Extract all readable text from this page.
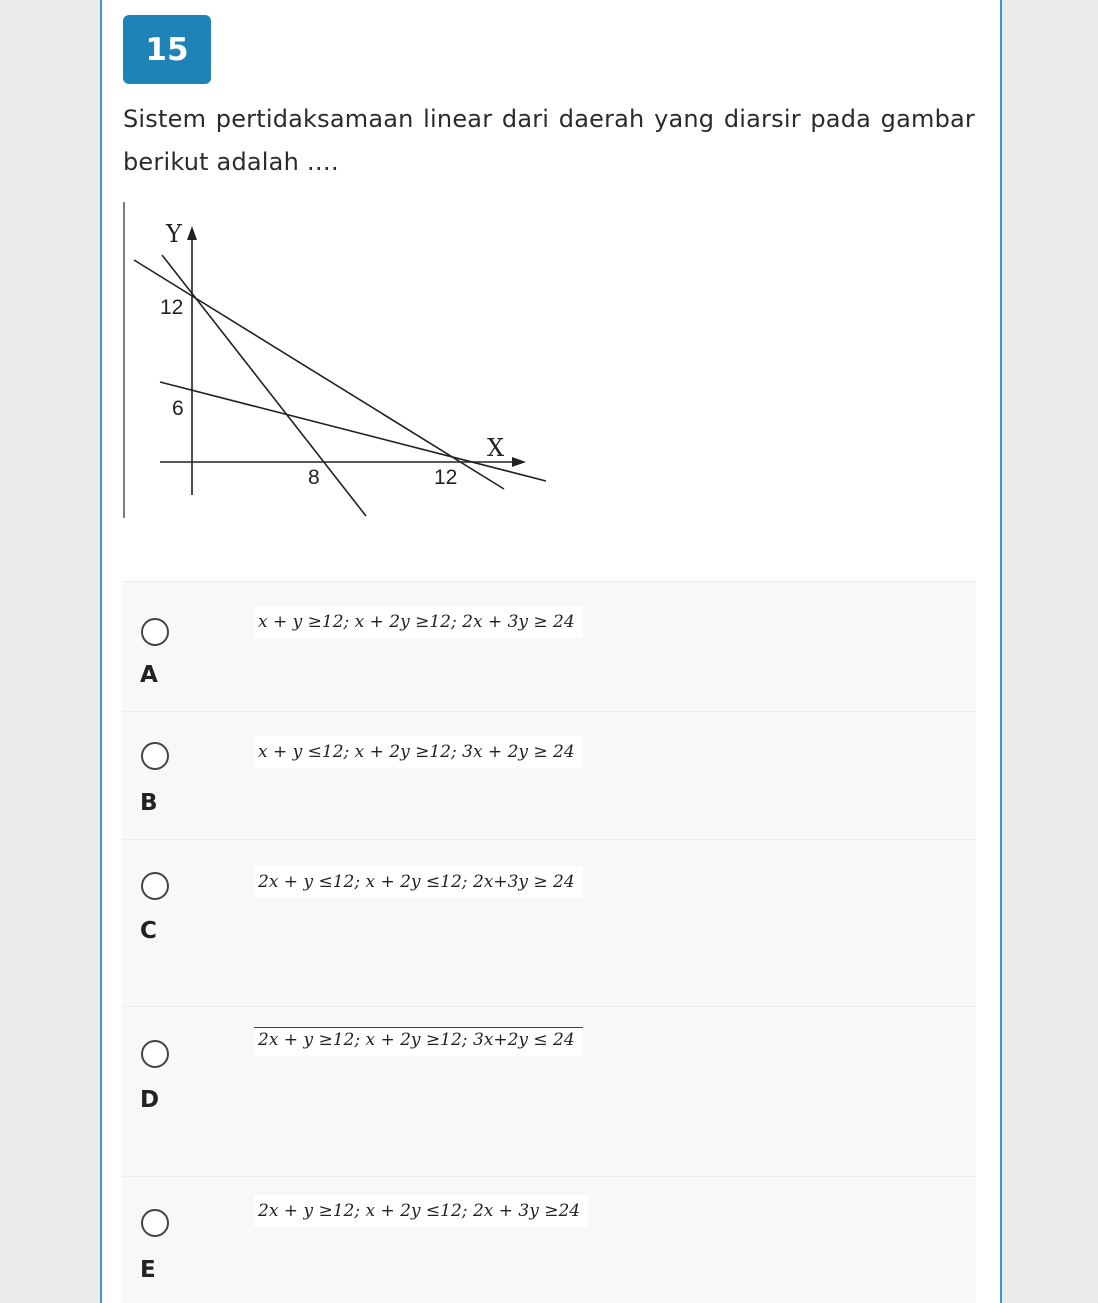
15
Sistem pertidaksamaan linear dari daerah yang diarsir pada gambar berikut adalah ….
Y
X
12
6
8	12
x + y ≥12; x + 2y ≥12; 2x + 3y ≥ 24
A
x + y ≤12; x + 2y ≥12; 3x + 2y ≥ 24
B
2x + y ≤12; x + 2y ≤12; 2x+3y ≥ 24
C
2x + y ≥12; x + 2y ≥12; 3x+2y ≤ 24
D
2x + y ≥12; x + 2y ≤12; 2x + 3y ≥24
E
